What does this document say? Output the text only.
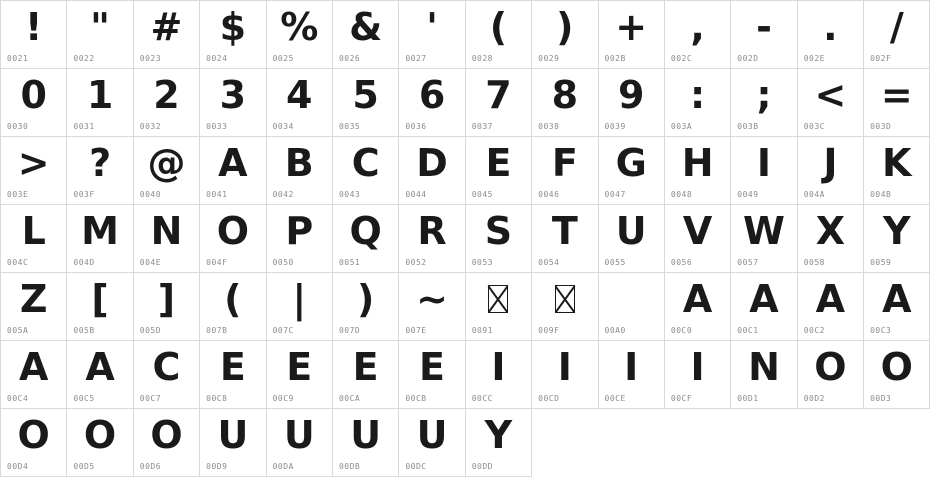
!
0021
"
0022
#
0023
$
0024
%
0025
&
0026
'
0027
(
0028
)
0029
+
002B
,
002C
-
002D
.
002E
/
002F
0
0030
1
0031
2
0032
3
0033
4
0034
5
0035
6
0036
7
0037
8
0038
9
0039
:
003A
;
003B
<
003C
=
003D
>
003E
?
003F
@
0040
A
0041
B
0042
C
0043
D
0044
E
0045
F
0046
G
0047
H
0048
I
0049
J
004A
K
004B
L
004C
M
004D
N
004E
O
004F
P
0050
Q
0051
R
0052
S
0053
T
0054
U
0055
V
0056
W
0057
X
0058
Y
0059
Z
005A
[
005B
]
005D
(
007B
|
007C
)
007D
~
007E	0091	009F	00A0
A
00C0
A
00C1
A
00C2
A
00C3
A
00C4
A
00C5
C
00C7
E
00C8
E
00C9
E
00CA
E
00CB
I
00CC
I
00CD
I
00CE
I
00CF
N
00D1
O
00D2
O
00D3
O
00D4
O
00D5
O
00D6
U
00D9
U
00DA
U
00DB
U
00DC
Y
00DD
